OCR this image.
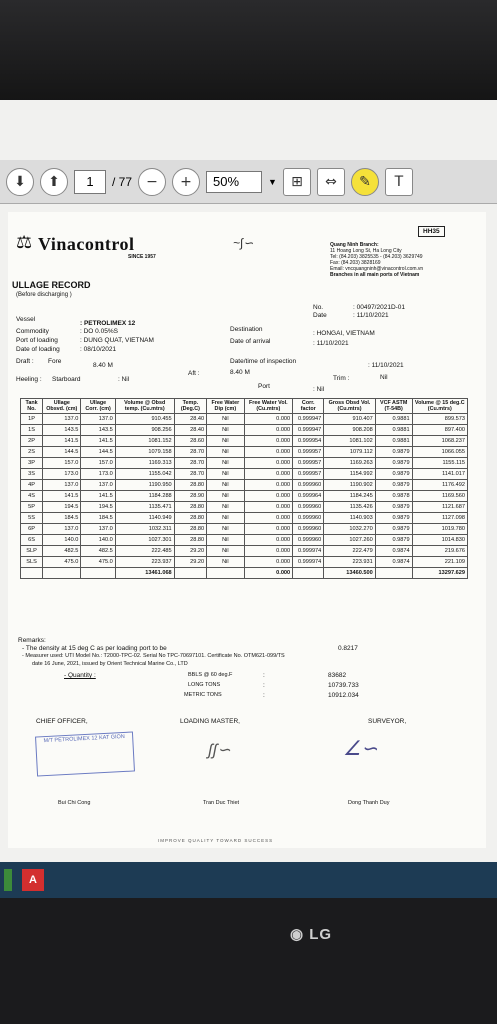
⬇	⬆	1	/ 77	−	+	50%	▼	⊞	⇔	✎	T
HH35
⚖ Vinacontrol
SINCE 1957
~∫∽	Quang Ninh Branch:
11 Hoang Long St, Ha Long City
Tel: (84.203) 3825535 - (84.203) 3629749
Fax: (84.203) 3828169
Email: vncquangninh@vinacontrol.com.vn
Branches in all main ports of Vietnam
ULLAGE RECORD
(Before discharging )
No.	: 00497/2021D-01
Date	: 11/10/2021
Vessel
: PETROLIMEX 12
Commodity	: DO 0.05%S
Port of loading	: DUNG QUAT, VIETNAM
Date of loading	: 08/10/2021
Destination
: HONGAI, VIETNAM
Date of arrival	: 11/10/2021
Draft : Fore
8.40 M
Aft :	8.40 M
Heeling : Starboard	: Nil
Date/time of inspection
: 11/10/2021
Trim :	Nil
Port	: Nil
Tank No.	Ullage Obsvd. (cm)	Ullage Corr. (cm)	Volume @ Obsd temp. (Cu.mtrs)	Temp. (Deg.C)	Free Water Dip (cm)	Free Water Vol. (Cu.mtrs)	Corr. factor	Gross Obsd Vol. (Cu.mtrs)	VCF ASTM (T-54B)	Volume @ 15 deg.C (Cu.mtrs)
1P	137.0	137.0	910.455	28.40	Nil	0.000	0.999947	910.407	0.9881	899.573
1S	143.5	143.5	908.256	28.40	Nil	0.000	0.999947	908.208	0.9881	897.400
2P	141.5	141.5	1081.152	28.60	Nil	0.000	0.999954	1081.102	0.9881	1068.237
2S	144.5	144.5	1079.158	28.70	Nil	0.000	0.999957	1079.112	0.9879	1066.055
3P	157.0	157.0	1169.313	28.70	Nil	0.000	0.999957	1169.263	0.9879	1155.115
3S	173.0	173.0	1155.042	28.70	Nil	0.000	0.999957	1154.992	0.9879	1141.017
4P	137.0	137.0	1190.950	28.80	Nil	0.000	0.999960	1190.902	0.9879	1176.492
4S	141.5	141.5	1184.288	28.90	Nil	0.000	0.999964	1184.245	0.9878	1169.560
5P	194.5	194.5	1135.471	28.80	Nil	0.000	0.999960	1135.426	0.9879	1121.687
5S	184.5	184.5	1140.949	28.80	Nil	0.000	0.999960	1140.903	0.9879	1127.098
6P	137.0	137.0	1032.311	28.80	Nil	0.000	0.999960	1032.270	0.9879	1019.780
6S	140.0	140.0	1027.301	28.80	Nil	0.000	0.999960	1027.260	0.9879	1014.830
SLP	482.5	482.5	222.485	29.20	Nil	0.000	0.999974	222.479	0.9874	219.676
SLS	475.0	475.0	223.937	29.20	Nil	0.000	0.999974	223.931	0.9874	221.109
			13461.068			0.000		13460.500		13297.629
Remarks:
- The density at 15 deg C as per loading port to be	0.8217
- Measurer used: UTI Model No.: T2000-TPC-02. Serial No TPC-70697101. Certificate No. OTM621-099/TS
date 16 June, 2021, issued by Orient Technical Marine Co., LTD
- Quantity :	BBLS @ 60 deg.F	:	83682
LONG TONS	:	10739.733
METRIC TONS	:	10912.034
CHIEF OFFICER,	LOADING MASTER,	SURVEYOR,
M/T PETROLIMEX 12 KAT GION
ʃʃ∽	∠∽
Bui Chi Cong	Tran Duc Thiet	Dong Thanh Duy
IMPROVE QUALITY TOWARD SUCCESS
A
◉ LG
